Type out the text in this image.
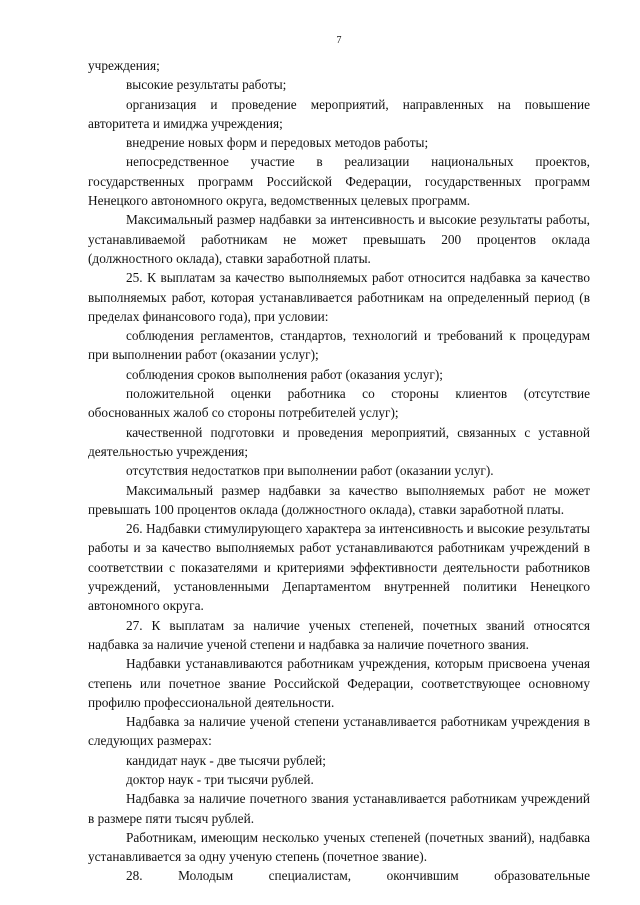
7

учреждения;

высокие результаты работы;

организация и проведение мероприятий, направленных на повышение авторитета и имиджа учреждения;

внедрение новых форм и передовых методов работы;

непосредственное участие в реализации национальных проектов, государственных программ Российской Федерации, государственных программ Ненецкого автономного округа, ведомственных целевых программ.

Максимальный размер надбавки за интенсивность и высокие результаты работы, устанавливаемой работникам не может превышать 200 процентов оклада (должностного оклада), ставки заработной платы.

25. К выплатам за качество выполняемых работ относится надбавка за качество выполняемых работ, которая устанавливается работникам на определенный период (в пределах финансового года), при условии:

соблюдения регламентов, стандартов, технологий и требований к процедурам при выполнении работ (оказании услуг);

соблюдения сроков выполнения работ (оказания услуг);

положительной оценки работника со стороны клиентов (отсутствие обоснованных жалоб со стороны потребителей услуг);

качественной подготовки и проведения мероприятий, связанных с уставной деятельностью учреждения;

отсутствия недостатков при выполнении работ (оказании услуг).

Максимальный размер надбавки за качество выполняемых работ не может превышать 100 процентов оклада (должностного оклада), ставки заработной платы.

26. Надбавки стимулирующего характера за интенсивность и высокие результаты работы и за качество выполняемых работ устанавливаются работникам учреждений в соответствии с показателями и критериями эффективности деятельности работников учреждений, установленными Департаментом внутренней политики Ненецкого автономного округа.

27. К выплатам за наличие ученых степеней, почетных званий относятся надбавка за наличие ученой степени и надбавка за наличие почетного звания.

Надбавки устанавливаются работникам учреждения, которым присвоена ученая степень или почетное звание Российской Федерации, соответствующее основному профилю профессиональной деятельности.

Надбавка за наличие ученой степени устанавливается работникам учреждения в следующих размерах:

кандидат наук - две тысячи рублей;

доктор наук - три тысячи рублей.

Надбавка за наличие почетного звания устанавливается работникам учреждений в размере пяти тысяч рублей.

Работникам, имеющим несколько ученых степеней (почетных званий), надбавка устанавливается за одну ученую степень (почетное звание).

28. Молодым специалистам, окончившим образовательные
